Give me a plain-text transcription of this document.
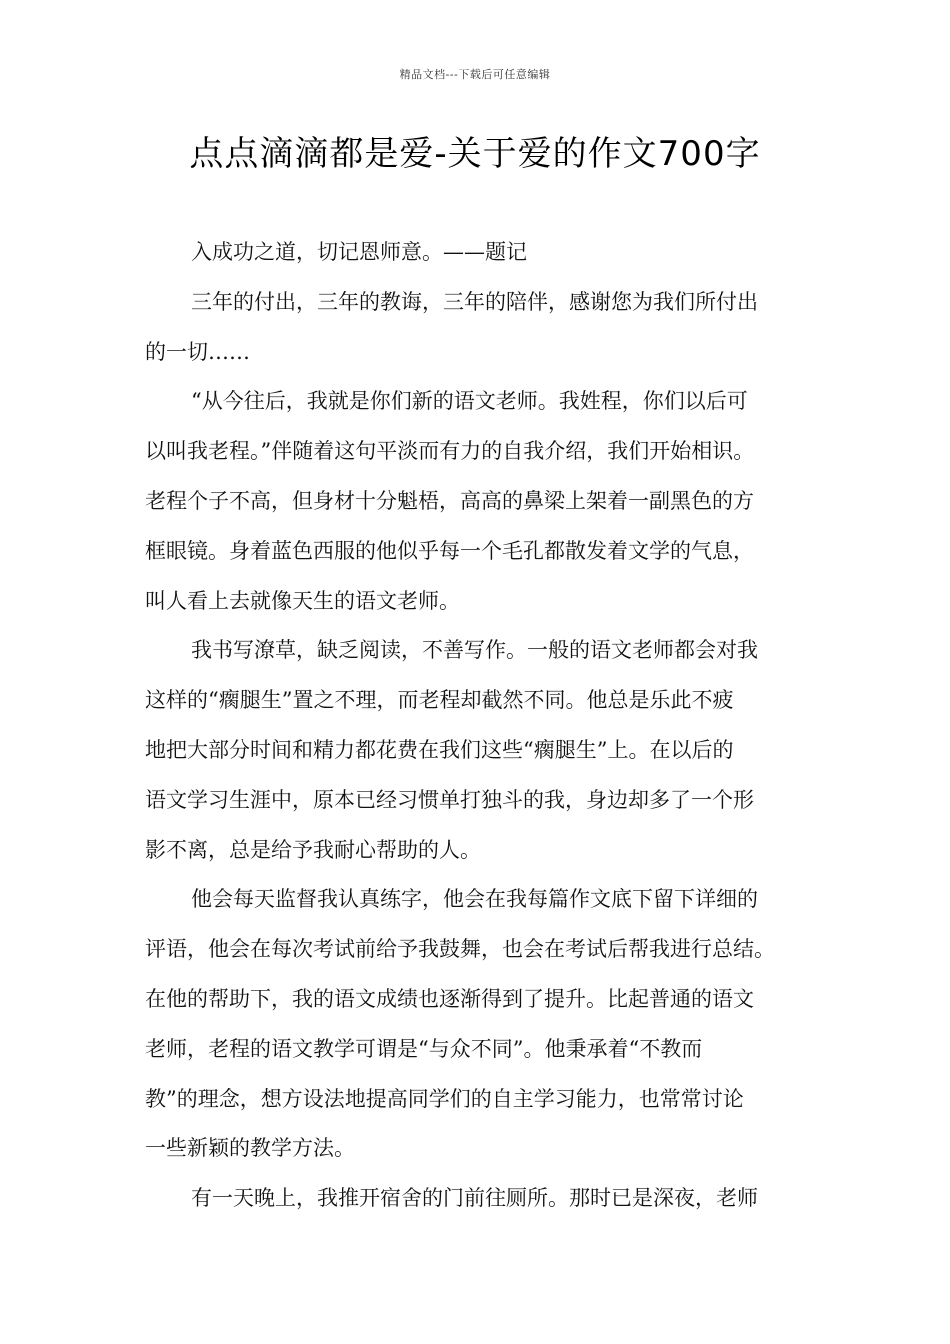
精品文档---下载后可任意编辑
点点滴滴都是爱-关于爱的作文700字
入成功之道，切记恩师意。——题记
三年的付出，三年的教诲，三年的陪伴，感谢您为我们所付出
的一切……
“从今往后，我就是你们新的语文老师。我姓程，你们以后可
以叫我老程。”伴随着这句平淡而有力的自我介绍，我们开始相识。
老程个子不高，但身材十分魁梧，高高的鼻梁上架着一副黑色的方
框眼镜。身着蓝色西服的他似乎每一个毛孔都散发着文学的气息，
叫人看上去就像天生的语文老师。
我书写潦草，缺乏阅读，不善写作。一般的语文老师都会对我
这样的“瘸腿生”置之不理，而老程却截然不同。他总是乐此不疲
地把大部分时间和精力都花费在我们这些“瘸腿生”上。在以后的
语文学习生涯中，原本已经习惯单打独斗的我，身边却多了一个形
影不离，总是给予我耐心帮助的人。
他会每天监督我认真练字，他会在我每篇作文底下留下详细的
评语，他会在每次考试前给予我鼓舞，也会在考试后帮我进行总结。
在他的帮助下，我的语文成绩也逐渐得到了提升。比起普通的语文
老师，老程的语文教学可谓是“与众不同”。他秉承着“不教而
教”的理念，想方设法地提高同学们的自主学习能力，也常常讨论
一些新颖的教学方法。
有一天晚上，我推开宿舍的门前往厕所。那时已是深夜，老师
